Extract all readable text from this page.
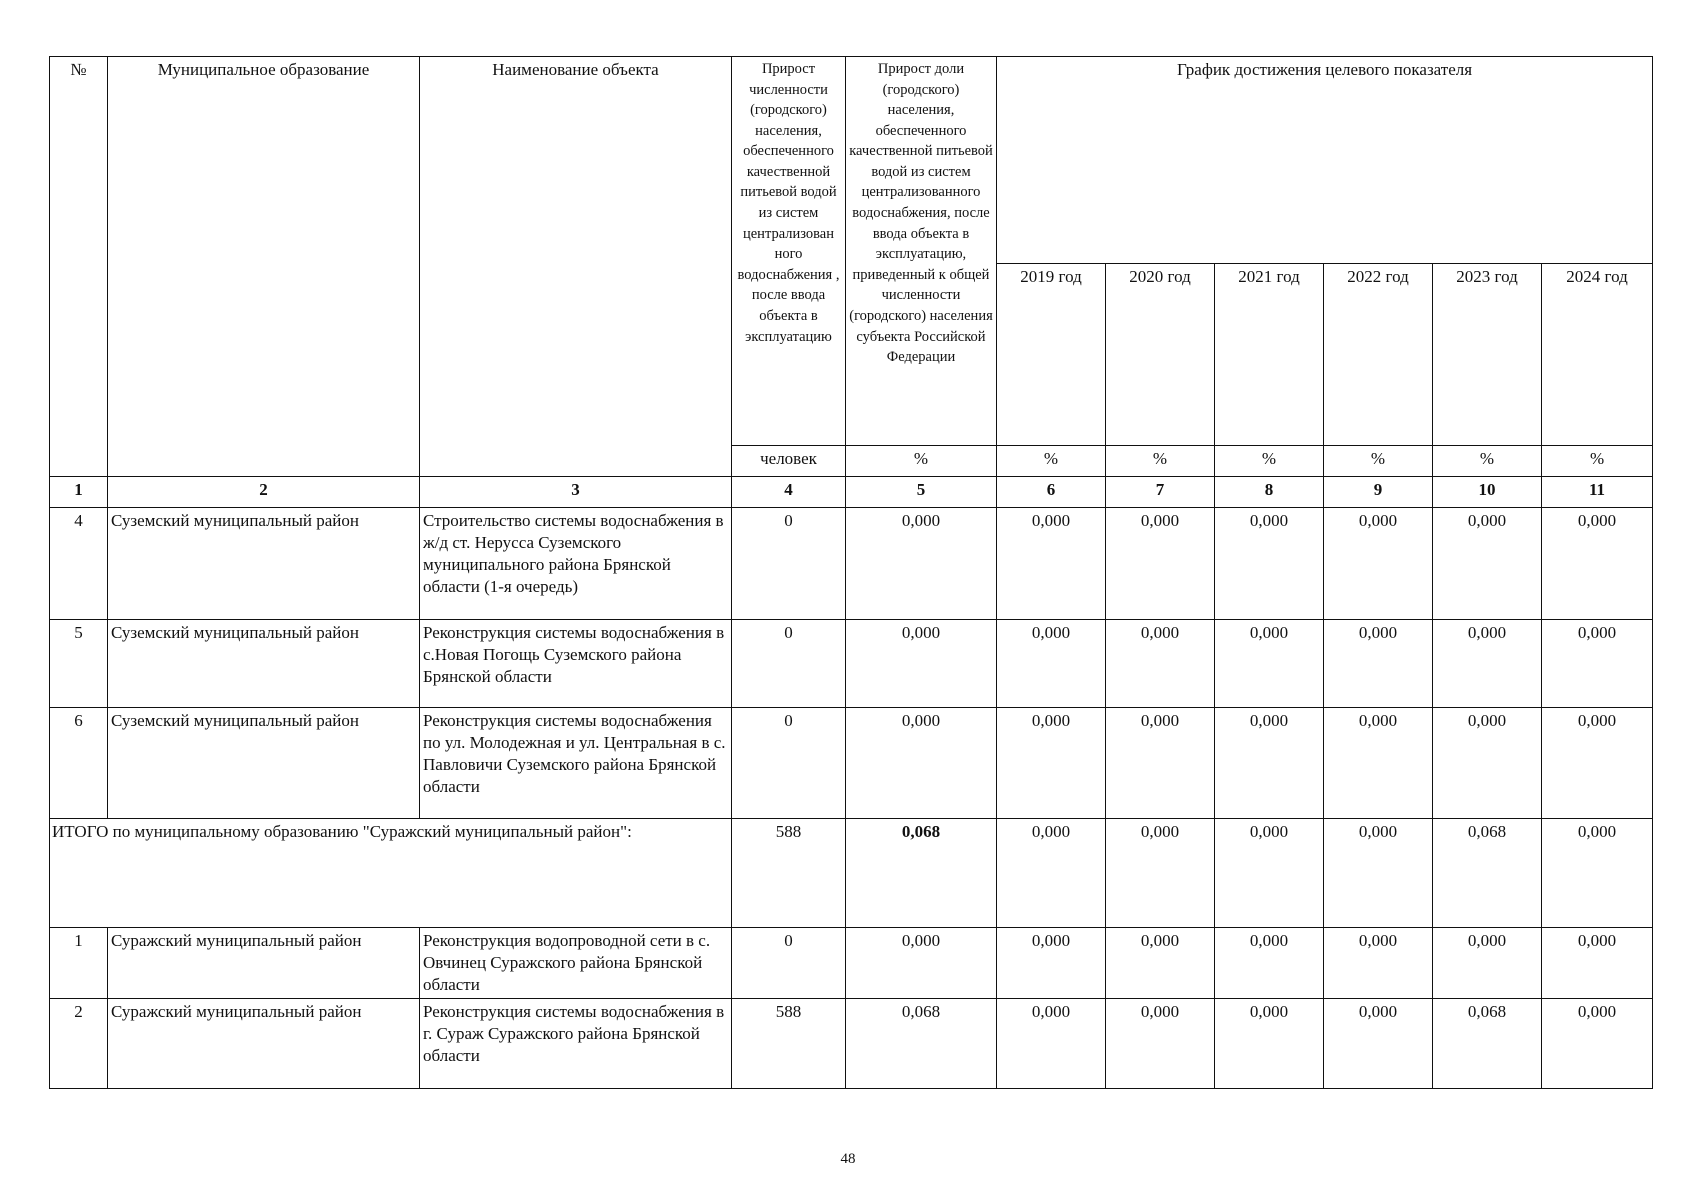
№	Муниципальное образование	Наименование объекта	Прирост численности (городского) населения, обеспеченного качественной питьевой водой из систем централизован ного водоснабжения , после ввода объекта в эксплуатацию	Прирост доли (городского) населения, обеспеченного качественной питьевой водой из систем централизованного водоснабжения, после ввода объекта в эксплуатацию, приведенный к общей численности (городского) населения субъекта Российской Федерации	График достижения целевого показателя					
					2019 год	2020 год	2021 год	2022 год	2023 год	2024 год
			человек	%	%	%	%	%	%	%
1	2	3	4	5	6	7	8	9	10	11
4	Суземский муниципальный район	Строительство системы водоснабжения в ж/д ст. Нерусса Суземского муниципального района Брянской области (1-я очередь)	0	0,000	0,000	0,000	0,000	0,000	0,000	0,000
5	Суземский муниципальный район	Реконструкция системы водоснабжения в с.Новая Погощь Суземского района Брянской области	0	0,000	0,000	0,000	0,000	0,000	0,000	0,000
6	Суземский муниципальный район	Реконструкция системы водоснабжения по ул. Молодежная и ул. Центральная в с. Павловичи Суземского района Брянской области	0	0,000	0,000	0,000	0,000	0,000	0,000	0,000
ИТОГО по муниципальному образованию "Суражский муниципальный район":			588	0,068	0,000	0,000	0,000	0,000	0,068	0,000
1	Суражский муниципальный район	Реконструкция водопроводной сети в с. Овчинец Суражского района Брянской области	0	0,000	0,000	0,000	0,000	0,000	0,000	0,000
2	Суражский муниципальный район	Реконструкция системы водоснабжения в г. Сураж Суражского района Брянской области	588	0,068	0,000	0,000	0,000	0,000	0,068	0,000
48
